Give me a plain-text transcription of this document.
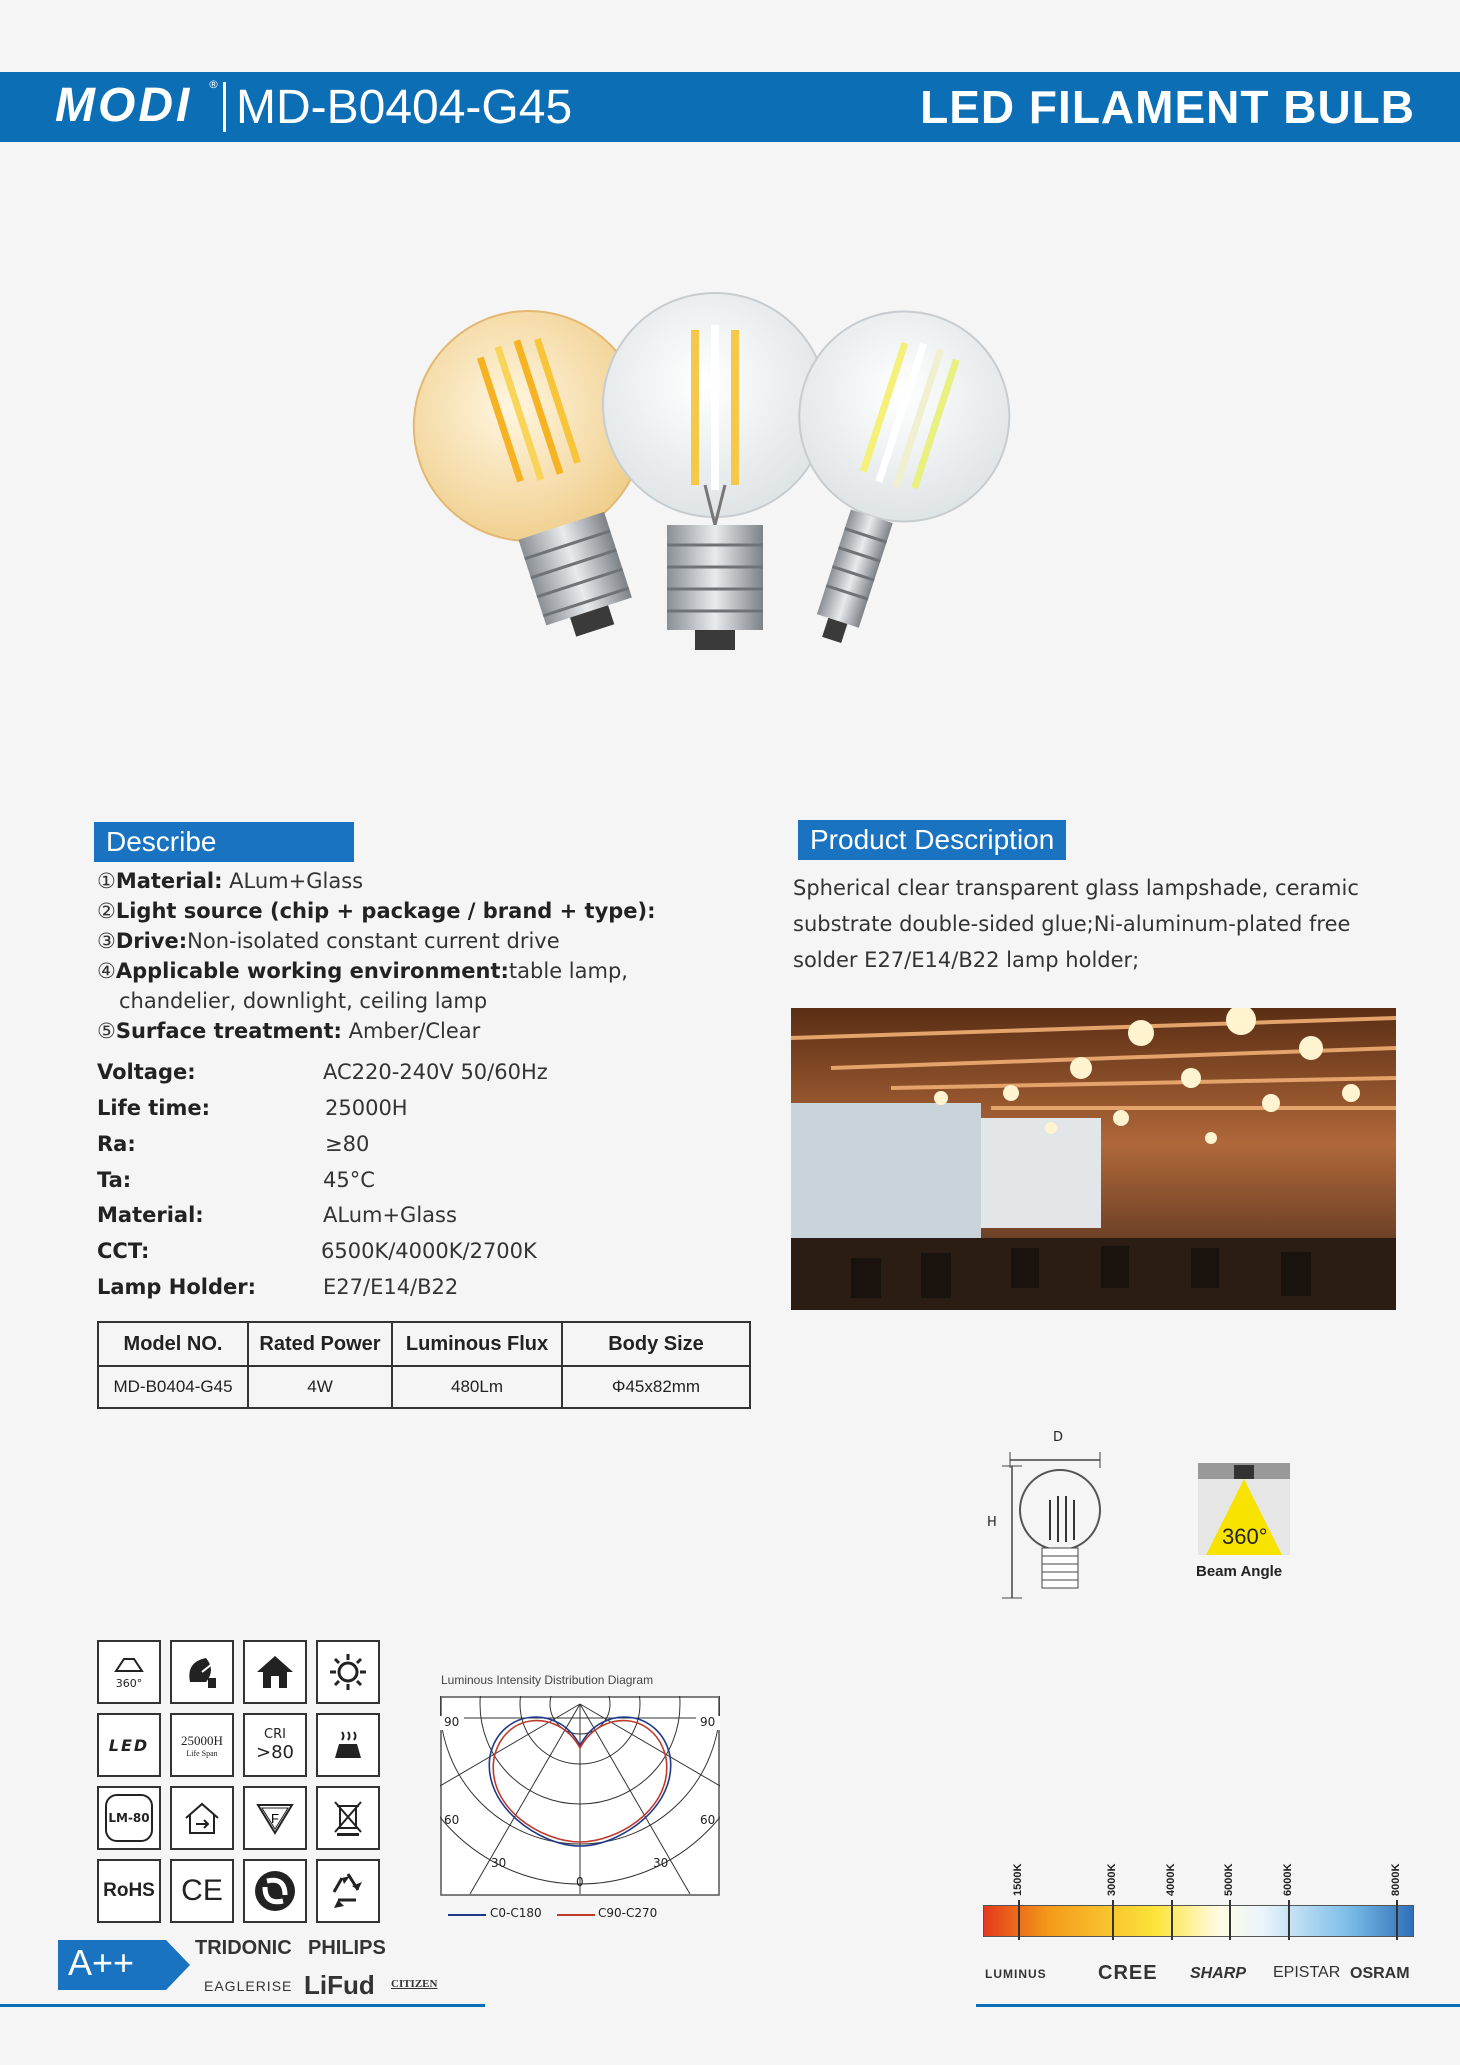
MODI ® MD-B0404-G45	LED FILAMENT BULB
Describe
①Material: ALum+Glass
②Light source (chip + package / brand + type):
③Drive:Non-isolated constant current drive
④Applicable working environment:table lamp,
chandelier, downlight, ceiling lamp
⑤Surface treatment: Amber/Clear
Voltage:	AC220-240V 50/60Hz
Life time:	25000H
Ra:	≥80
Ta:	45°C
Material:	ALum+Glass
CCT:	6500K/4000K/2700K
Lamp Holder:	E27/E14/B22
Model NO.	Rated Power	Luminous Flux	Body Size
MD-B0404-G45	4W	480Lm	Φ45x82mm
Product Description
Spherical clear transparent glass lampshade, ceramic substrate double-sided glue;Ni-aluminum-plated free solder E27/E14/B22 lamp holder;
D
H
360°
Beam Angle
360°
LED	25000H
Life Span
CRI
>80
LM-80	F
RoHS CE
A++	TRIDONIC PHILIPS
EAGLERISE LiFud CITIZEN
Luminous Intensity Distribution Diagram
90	90
60	60
30	30
0
C0-C180	C90-C270
1500K	3000K	4000K	5000K	6000K	8000K
LUMINUS	CREE SHARP EPISTAR OSRAM
